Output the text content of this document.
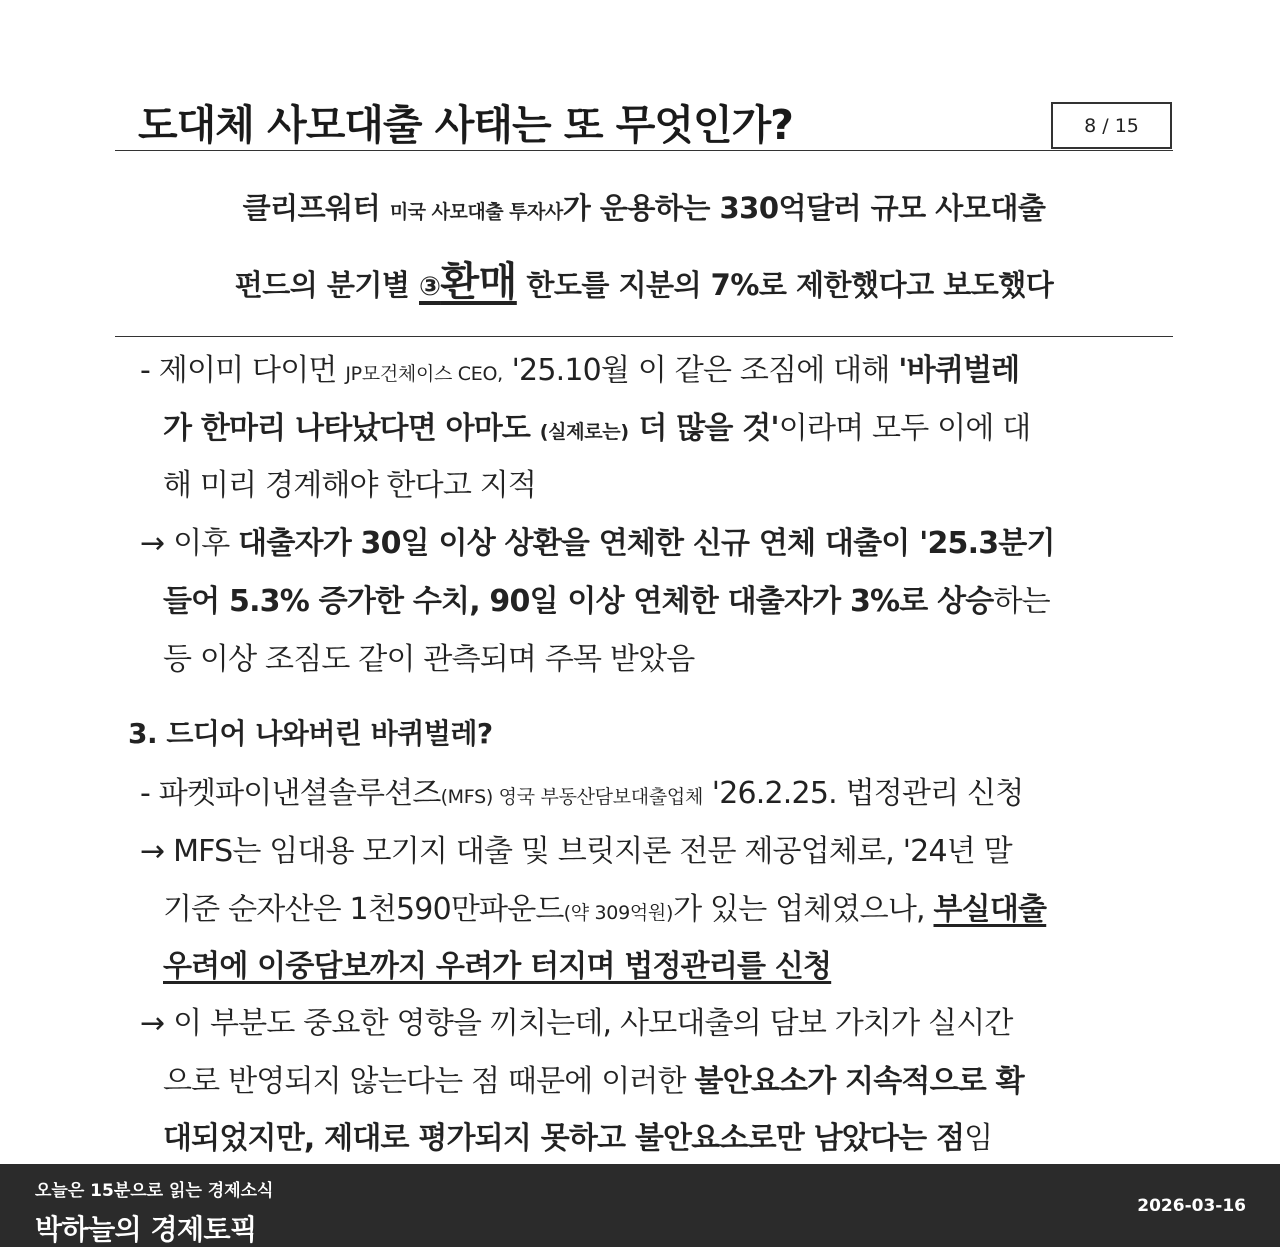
도대체 사모대출 사태는 또 무엇인가?	8 / 15
클리프워터 미국 사모대출 투자사가 운용하는 330억달러 규모 사모대출
펀드의 분기별 ③환매 한도를 지분의 7%로 제한했다고 보도했다
- 제이미 다이먼 JP모건체이스 CEO, '25.10월 이 같은 조짐에 대해 '바퀴벌레
가 한마리 나타났다면 아마도 (실제로는) 더 많을 것'이라며 모두 이에 대
해 미리 경계해야 한다고 지적
→ 이후 대출자가 30일 이상 상환을 연체한 신규 연체 대출이 '25.3분기
들어 5.3% 증가한 수치, 90일 이상 연체한 대출자가 3%로 상승하는
등 이상 조짐도 같이 관측되며 주목 받았음
3. 드디어 나와버린 바퀴벌레?
- 파켓파이낸셜솔루션즈(MFS) 영국 부동산담보대출업체 '26.2.25. 법정관리 신청
→ MFS는 임대용 모기지 대출 및 브릿지론 전문 제공업체로, '24년 말
기준 순자산은 1천590만파운드(약 309억원)가 있는 업체였으나, 부실대출
우려에 이중담보까지 우려가 터지며 법정관리를 신청
→ 이 부분도 중요한 영향을 끼치는데, 사모대출의 담보 가치가 실시간
으로 반영되지 않는다는 점 때문에 이러한 불안요소가 지속적으로 확
대되었지만, 제대로 평가되지 못하고 불안요소로만 남았다는 점임
오늘은 15분으로 읽는 경제소식
박하늘의 경제토픽
2026-03-16
